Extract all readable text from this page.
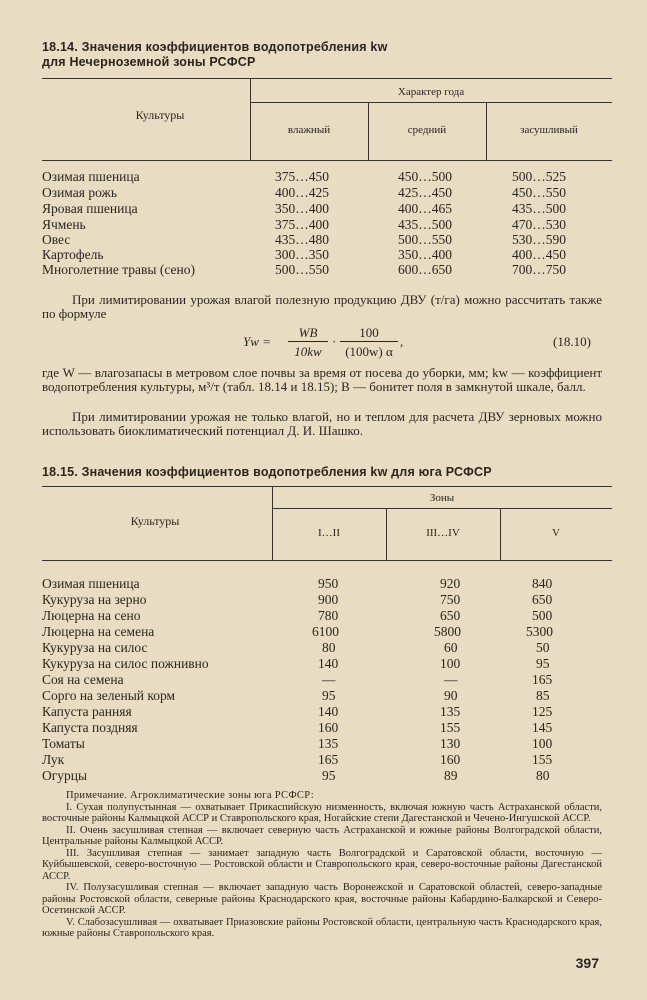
18.14. Значения коэффициентов водопотребления kw
для Нечерноземной зоны РСФСР
Культуры
Характер года
влажный	средний	засушливый
Озимая пшеница	375…450	450…500	500…525
Озимая рожь	400…425	425…450	450…550
Яровая пшеница	350…400	400…465	435…500
Ячмень	375…400	435…500	470…530
Овес	435…480	500…550	530…590
Картофель	300…350	350…400	400…450
Многолетние травы (сено)	500…550	600…650	700…750
При лимитировании урожая влагой полезную продукцию ДВУ (т/га) можно рассчитать также по формуле
Yw =
WB
10kw
·
100
(100w) α
,	(18.10)
где W — влагозапасы в метровом слое почвы за время от посева до уборки, мм; kw — коэффициент водопотребления культуры, м³/т (табл. 18.14 и 18.15); B — бонитет поля в замкнутой шкале, балл.
При лимитировании урожая не только влагой, но и теплом для расчета ДВУ зерновых можно использовать биоклиматический потенциал Д. И. Шашко.
18.15. Значения коэффициентов водопотребления kw для юга РСФСР
Культуры
Зоны
I…II	III…IV	V
Озимая пшеница	950	920	840
Кукуруза на зерно	900	750	650
Люцерна на сено	780	650	500
Люцерна на семена	6100	5800	5300
Кукуруза на силос	80	60	50
Кукуруза на силос пожнивно	140	100	95
Соя на семена	—	—	165
Сорго на зеленый корм	95	90	85
Капуста ранняя	140	135	125
Капуста поздняя	160	155	145
Томаты	135	130	100
Лук	165	160	155
Огурцы	95	89	80

Примечание. Агроклиматические зоны юга РСФСР:

I. Сухая полупустынная — охватывает Прикаспийскую низменность, включая южную часть Астраханской области, восточные районы Калмыцкой АССР и Ставропольского края, Ногайские степи Дагестанской и Чечено-Ингушской АССР.

II. Очень засушливая степная — включает северную часть Астраханской и южные районы Волгоградской области, Центральные районы Калмыцкой АССР.

III. Засушливая степная — занимает западную часть Волгоградской и Саратовской области, восточную — Куйбышевской, северо-восточную — Ростовской области и Ставропольского края, северо-восточные районы Дагестанской АССР.

IV. Полузасушливая степная — включает западную часть Воронежской и Саратовской областей, северо-западные районы Ростовской области, северные районы Краснодарского края, восточные районы Кабардино-Балкарской и Северо-Осетинской АССР.

V. Слабозасушливая — охватывает Приазовские районы Ростовской области, центральную часть Краснодарского края, южные районы Ставропольского края.

397
